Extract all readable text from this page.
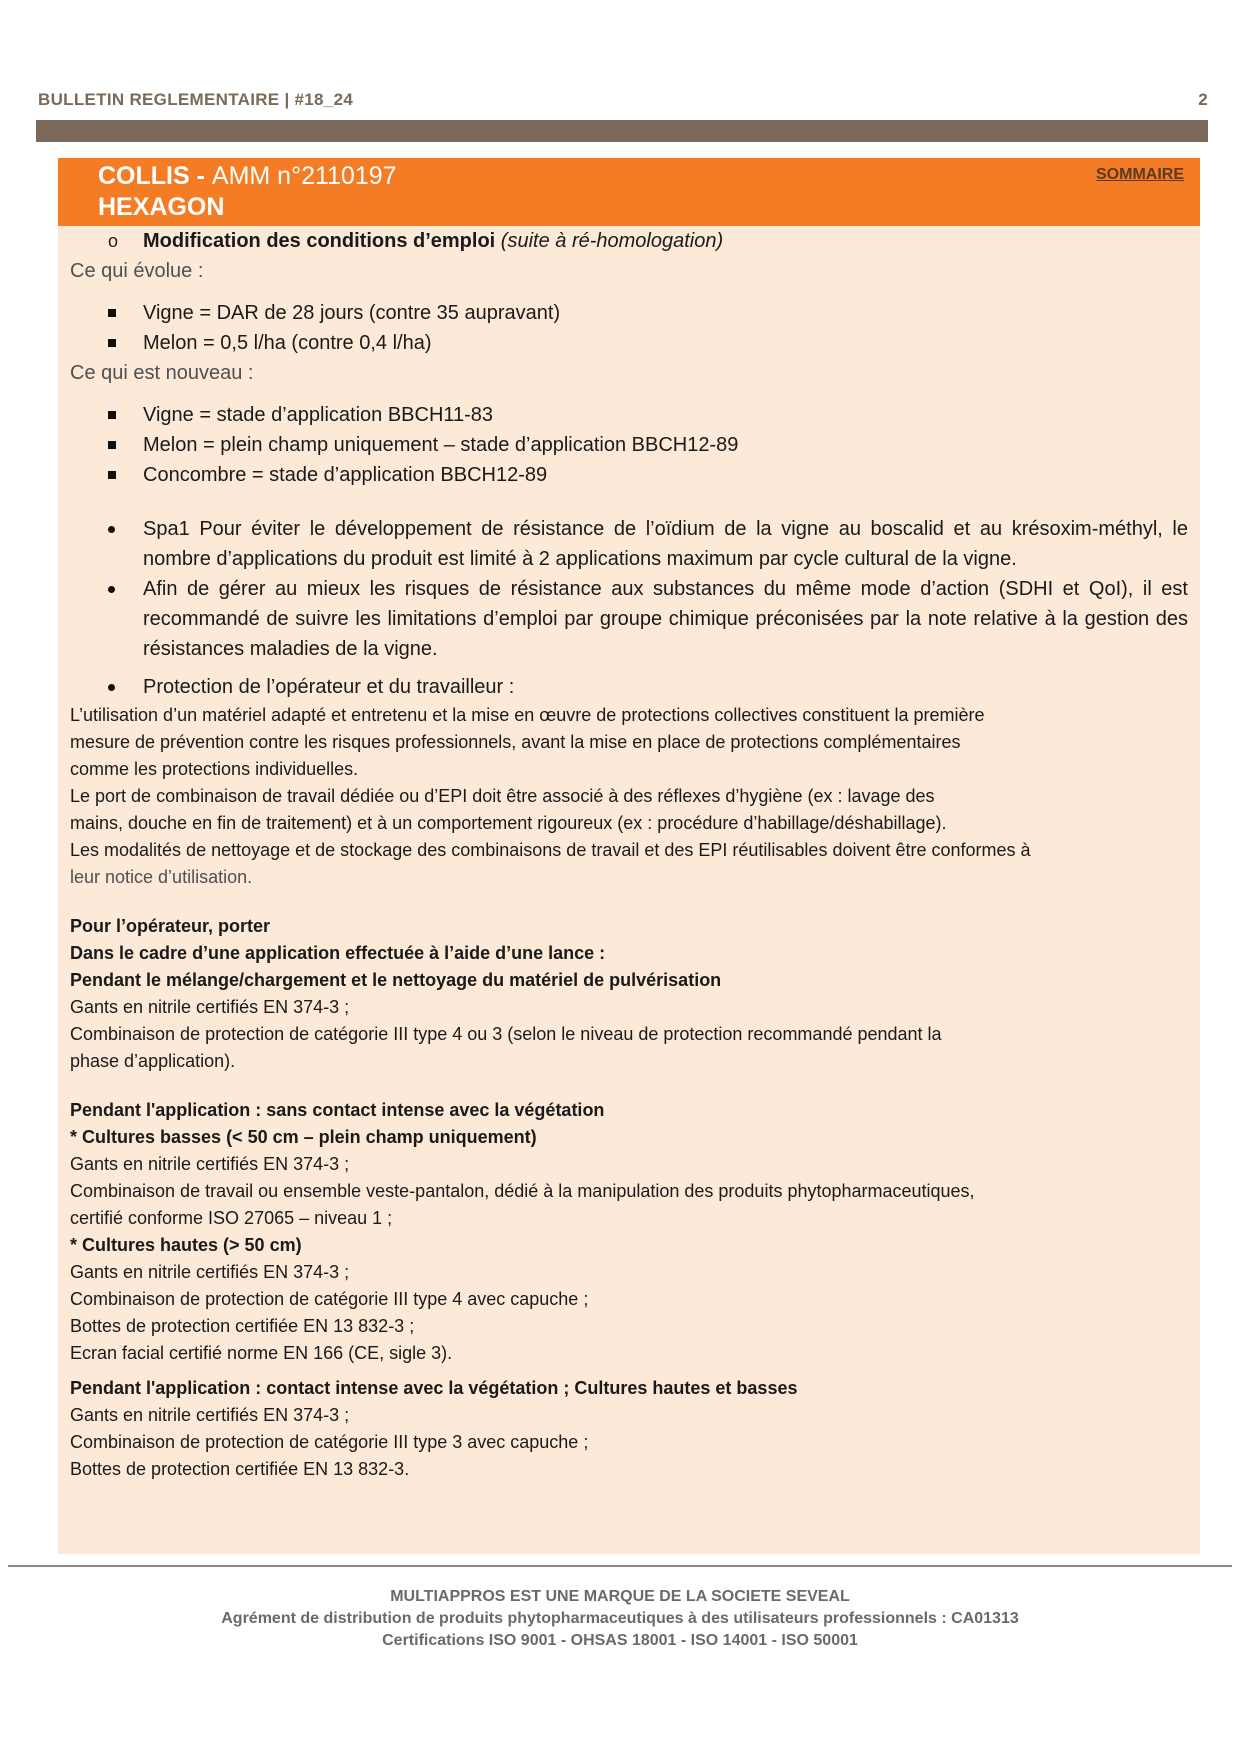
BULLETIN REGLEMENTAIRE | #18_24	2
COLLIS - AMM n°2110197
HEXAGON
SOMMAIRE

o Modification des conditions d’emploi (suite à ré-homologation)

Ce qui évolue :

Vigne = DAR de 28 jours (contre 35 aupravant)
Melon = 0,5 l/ha (contre 0,4 l/ha)

Ce qui est nouveau :

Vigne = stade d’application BBCH11-83
Melon = plein champ uniquement – stade d’application BBCH12-89
Concombre = stade d’application BBCH12-89
Spa1 Pour éviter le développement de résistance de l’oïdium de la vigne au boscalid et au krésoxim-méthyl, le nombre d’applications du produit est limité à 2 applications maximum par cycle cultural de la vigne.
Afin de gérer au mieux les risques de résistance aux substances du même mode d’action (SDHI et QoI), il est recommandé de suivre les limitations d’emploi par groupe chimique préconisées par la note relative à la gestion des résistances maladies de la vigne.
Protection de l’opérateur et du travailleur :
L’utilisation d’un matériel adapté et entretenu et la mise en œuvre de protections collectives constituent la première
mesure de prévention contre les risques professionnels, avant la mise en place de protections complémentaires
comme les protections individuelles.
Le port de combinaison de travail dédiée ou d’EPI doit être associé à des réflexes d’hygiène (ex : lavage des
mains, douche en fin de traitement) et à un comportement rigoureux (ex : procédure d’habillage/déshabillage).
Les modalités de nettoyage et de stockage des combinaisons de travail et des EPI réutilisables doivent être conformes à
leur notice d’utilisation.
Pour l’opérateur, porter
Dans le cadre d’une application effectuée à l’aide d’une lance :
Pendant le mélange/chargement et le nettoyage du matériel de pulvérisation
Gants en nitrile certifiés EN 374-3 ;
Combinaison de protection de catégorie III type 4 ou 3 (selon le niveau de protection recommandé pendant la
phase d’application).
Pendant l'application : sans contact intense avec la végétation
* Cultures basses (< 50 cm – plein champ uniquement)
Gants en nitrile certifiés EN 374-3 ;
Combinaison de travail ou ensemble veste-pantalon, dédié à la manipulation des produits phytopharmaceutiques,
certifié conforme ISO 27065 – niveau 1 ;
* Cultures hautes (> 50 cm)
Gants en nitrile certifiés EN 374-3 ;
Combinaison de protection de catégorie III type 4 avec capuche ;
Bottes de protection certifiée EN 13 832-3 ;
Ecran facial certifié norme EN 166 (CE, sigle 3).
Pendant l'application : contact intense avec la végétation ; Cultures hautes et basses
Gants en nitrile certifiés EN 374-3 ;
Combinaison de protection de catégorie III type 3 avec capuche ;
Bottes de protection certifiée EN 13 832-3.
MULTIAPPROS EST UNE MARQUE DE LA SOCIETE SEVEAL
Agrément de distribution de produits phytopharmaceutiques à des utilisateurs professionnels : CA01313
Certifications ISO 9001 - OHSAS 18001 - ISO 14001 - ISO 50001
